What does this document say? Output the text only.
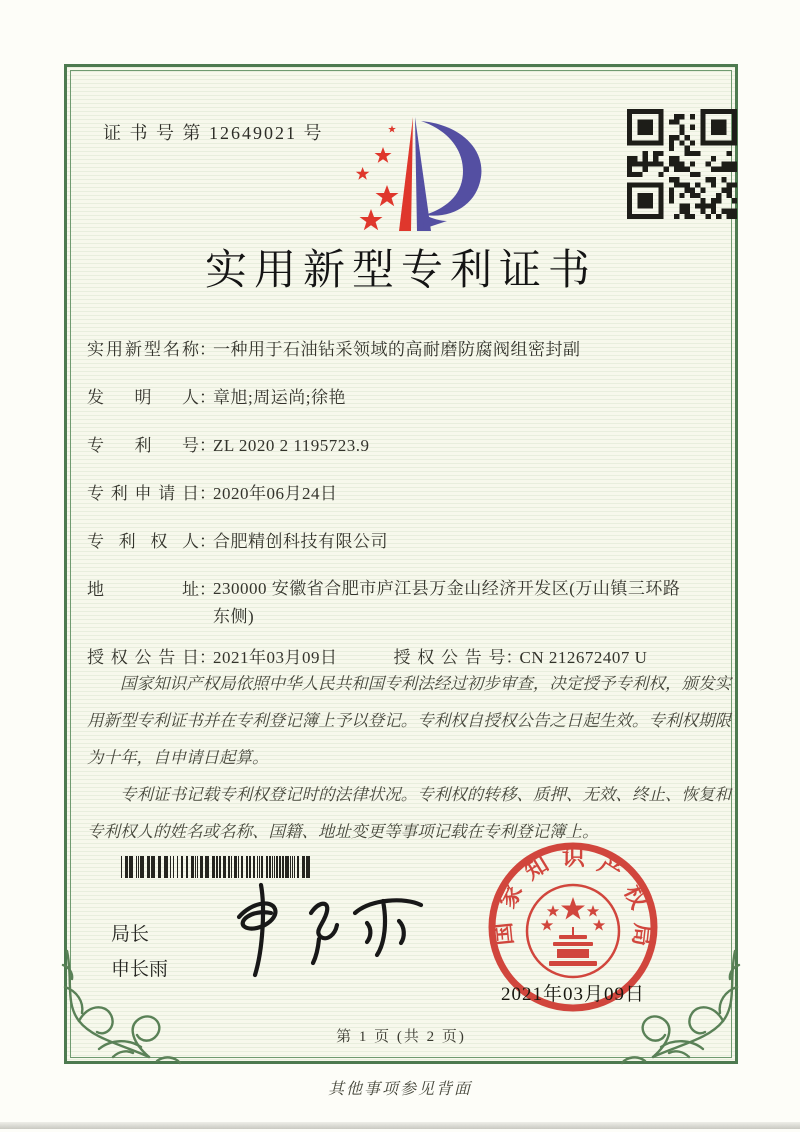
证 书 号 第 12649021 号
实用新型专利证书
实用新型名称：一种用于石油钻采领域的高耐磨防腐阀组密封副
发明人：章旭;周运尚;徐艳
专利号：ZL 2020 2 1195723.9
专利申请日：2020年06月24日
专利权人：合肥精创科技有限公司
地址：230000 安徽省合肥市庐江县万金山经济开发区(万山镇三环路东侧)
授权公告日：2021年03月09日	授权公告号：CN 212672407 U

国家知识产权局依照中华人民共和国专利法经过初步审查，决定授予专利权，颁发实用新型专利证书并在专利登记簿上予以登记。专利权自授权公告之日起生效。专利权期限为十年，自申请日起算。

专利证书记载专利权登记时的法律状况。专利权的转移、质押、无效、终止、恢复和专利权人的姓名或名称、国籍、地址变更等事项记载在专利登记簿上。

局长
申长雨
国家知识产权局
2021年03月09日
第 1 页 (共 2 页)
其他事项参见背面
